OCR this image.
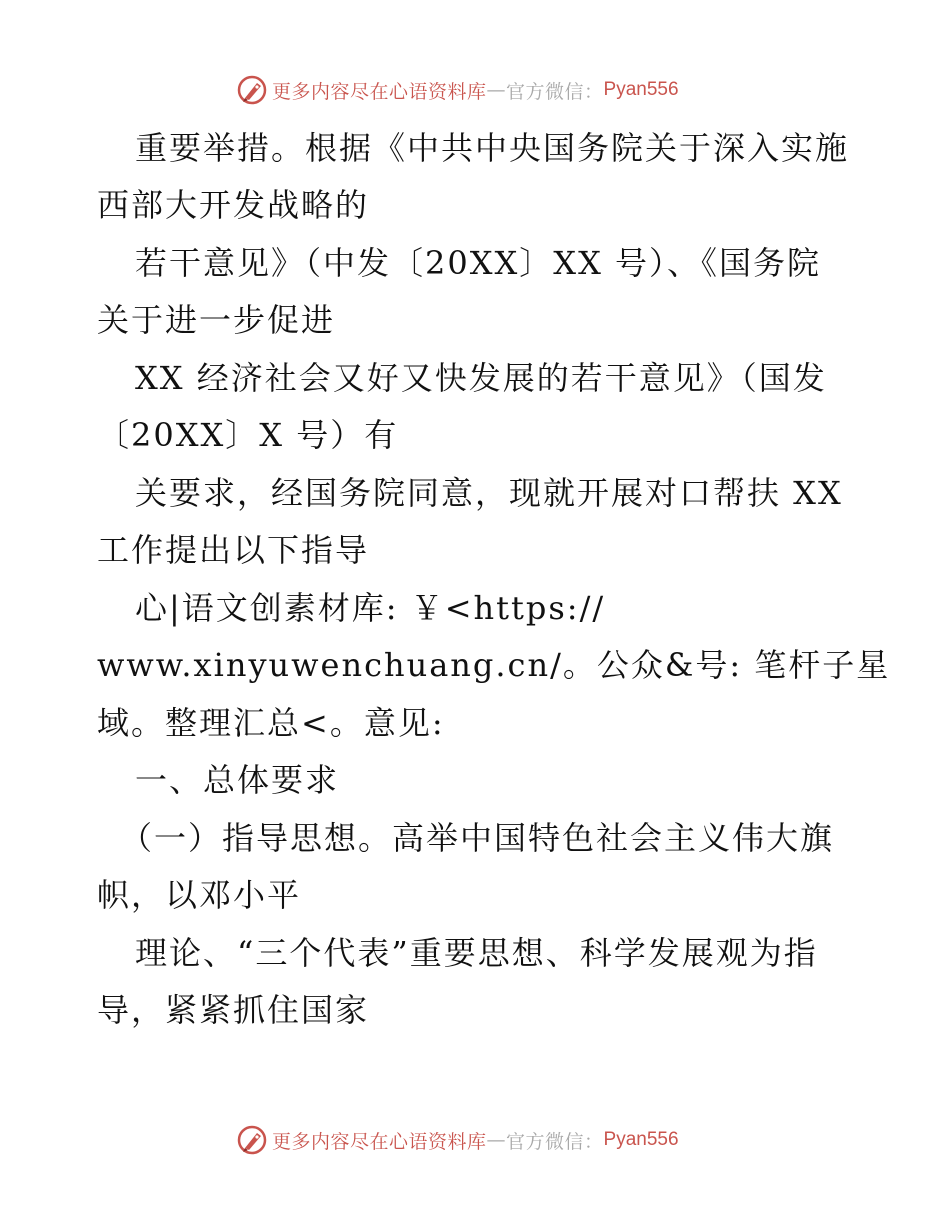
更多内容尽在心语资料库 — 官方微信： Pyan556
重要举措。根据《中共中央国务院关于深入实施
西部大开发战略的
若干意见》（中发〔20XX〕XX 号）、《国务院
关于进一步促进
XX 经济社会又好又快发展的若干意见》（国发
〔20XX〕X 号）有
关要求，经国务院同意，现就开展对口帮扶 XX
工作提出以下指导
心|语文创素材库: ￥<https://
www.xinyuwenchuang.cn/。公众&号: 笔杆子星
域。整理汇总<。意见:
一、总体要求
（一）指导思想。高举中国特色社会主义伟大旗
帜，以邓小平
理论、“三个代表”重要思想、科学发展观为指
导，紧紧抓住国家
更多内容尽在心语资料库 — 官方微信： Pyan556
